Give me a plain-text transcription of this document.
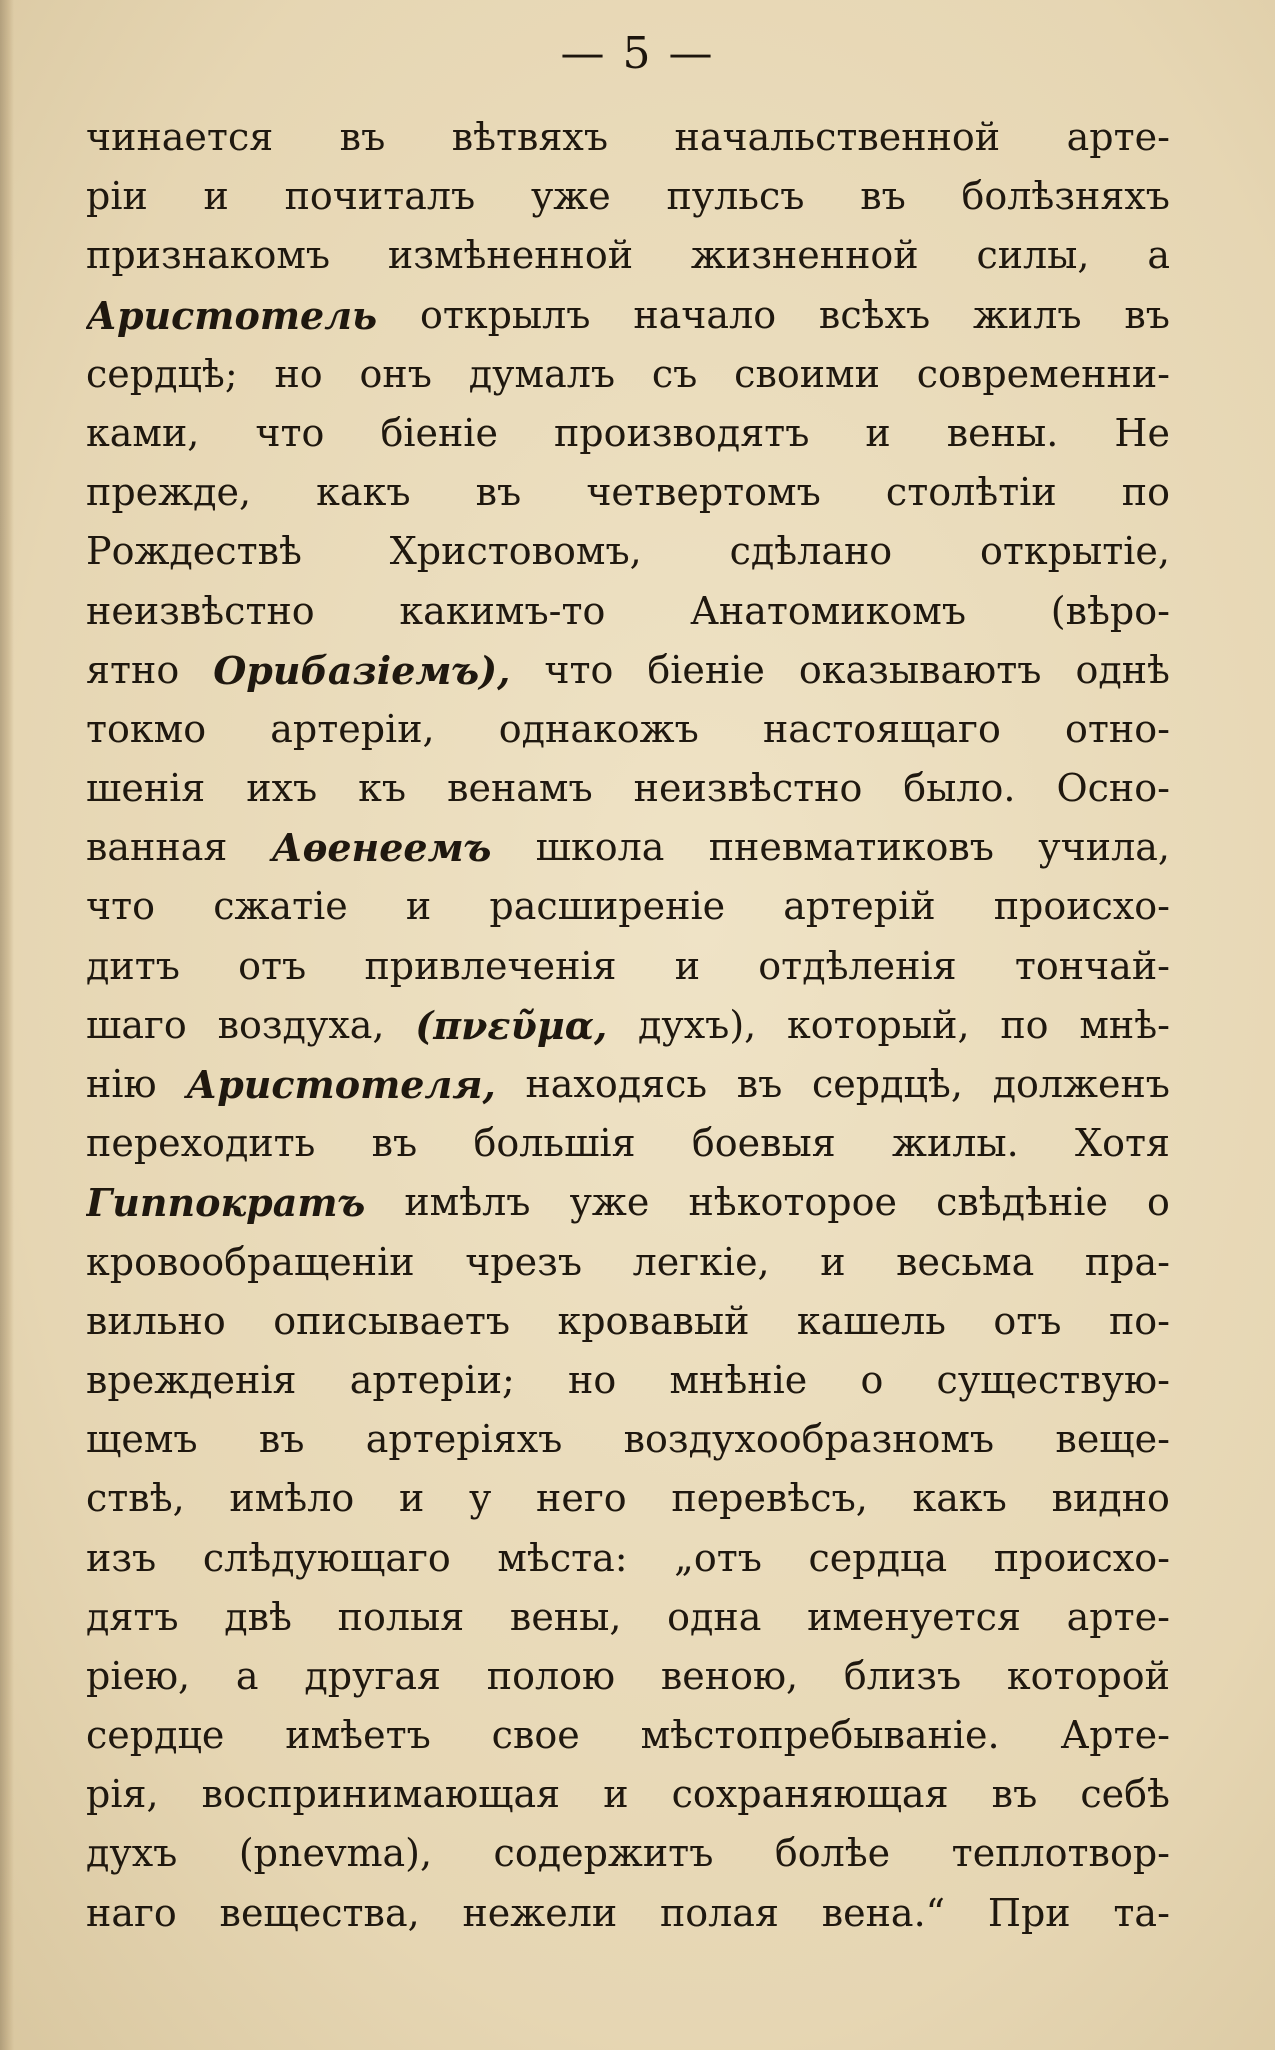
— 5 —
чинается въ вѣтвяхъ начальственной арте-
ріи и почиталъ уже пульсъ въ болѣзняхъ
признакомъ измѣненной жизненной силы, а
Аристотель открылъ начало всѣхъ жилъ въ
сердцѣ; но онъ думалъ съ своими современни-
ками, что біеніе производятъ и вены. Не
прежде, какъ въ четвертомъ столѣтіи по
Рождествѣ Христовомъ, сдѣлано открытіе,
неизвѣстно какимъ-то Анатомикомъ (вѣро-
ятно Орибазіемъ), что біеніе оказываютъ однѣ
токмо артеріи, однакожъ настоящаго отно-
шенія ихъ къ венамъ неизвѣстно было. Осно-
ванная Аѳенеемъ школа пневматиковъ учила,
что сжатіе и расширеніе артерій происхо-
дитъ отъ привлеченія и отдѣленія тончай-
шаго воздуха, (πνεῦμα, духъ), который, по мнѣ-
нію Аристотеля, находясь въ сердцѣ, долженъ
переходить въ большія боевыя жилы. Хотя
Гиппократъ имѣлъ уже нѣкоторое свѣдѣніе о
кровообращеніи чрезъ легкіе, и весьма пра-
вильно описываетъ кровавый кашель отъ по-
врежденія артеріи; но мнѣніе о существую-
щемъ въ артеріяхъ воздухообразномъ веще-
ствѣ, имѣло и у него перевѣсъ, какъ видно
изъ слѣдующаго мѣста: „отъ сердца происхо-
дятъ двѣ полыя вены, одна именуется арте-
ріею, а другая полою веною, близъ которой
сердце имѣетъ свое мѣстопребываніе. Арте-
рія, воспринимающая и сохраняющая въ себѣ
духъ (pnevma), содержитъ болѣе теплотвор-
наго вещества, нежели полая вена.“ При та-
